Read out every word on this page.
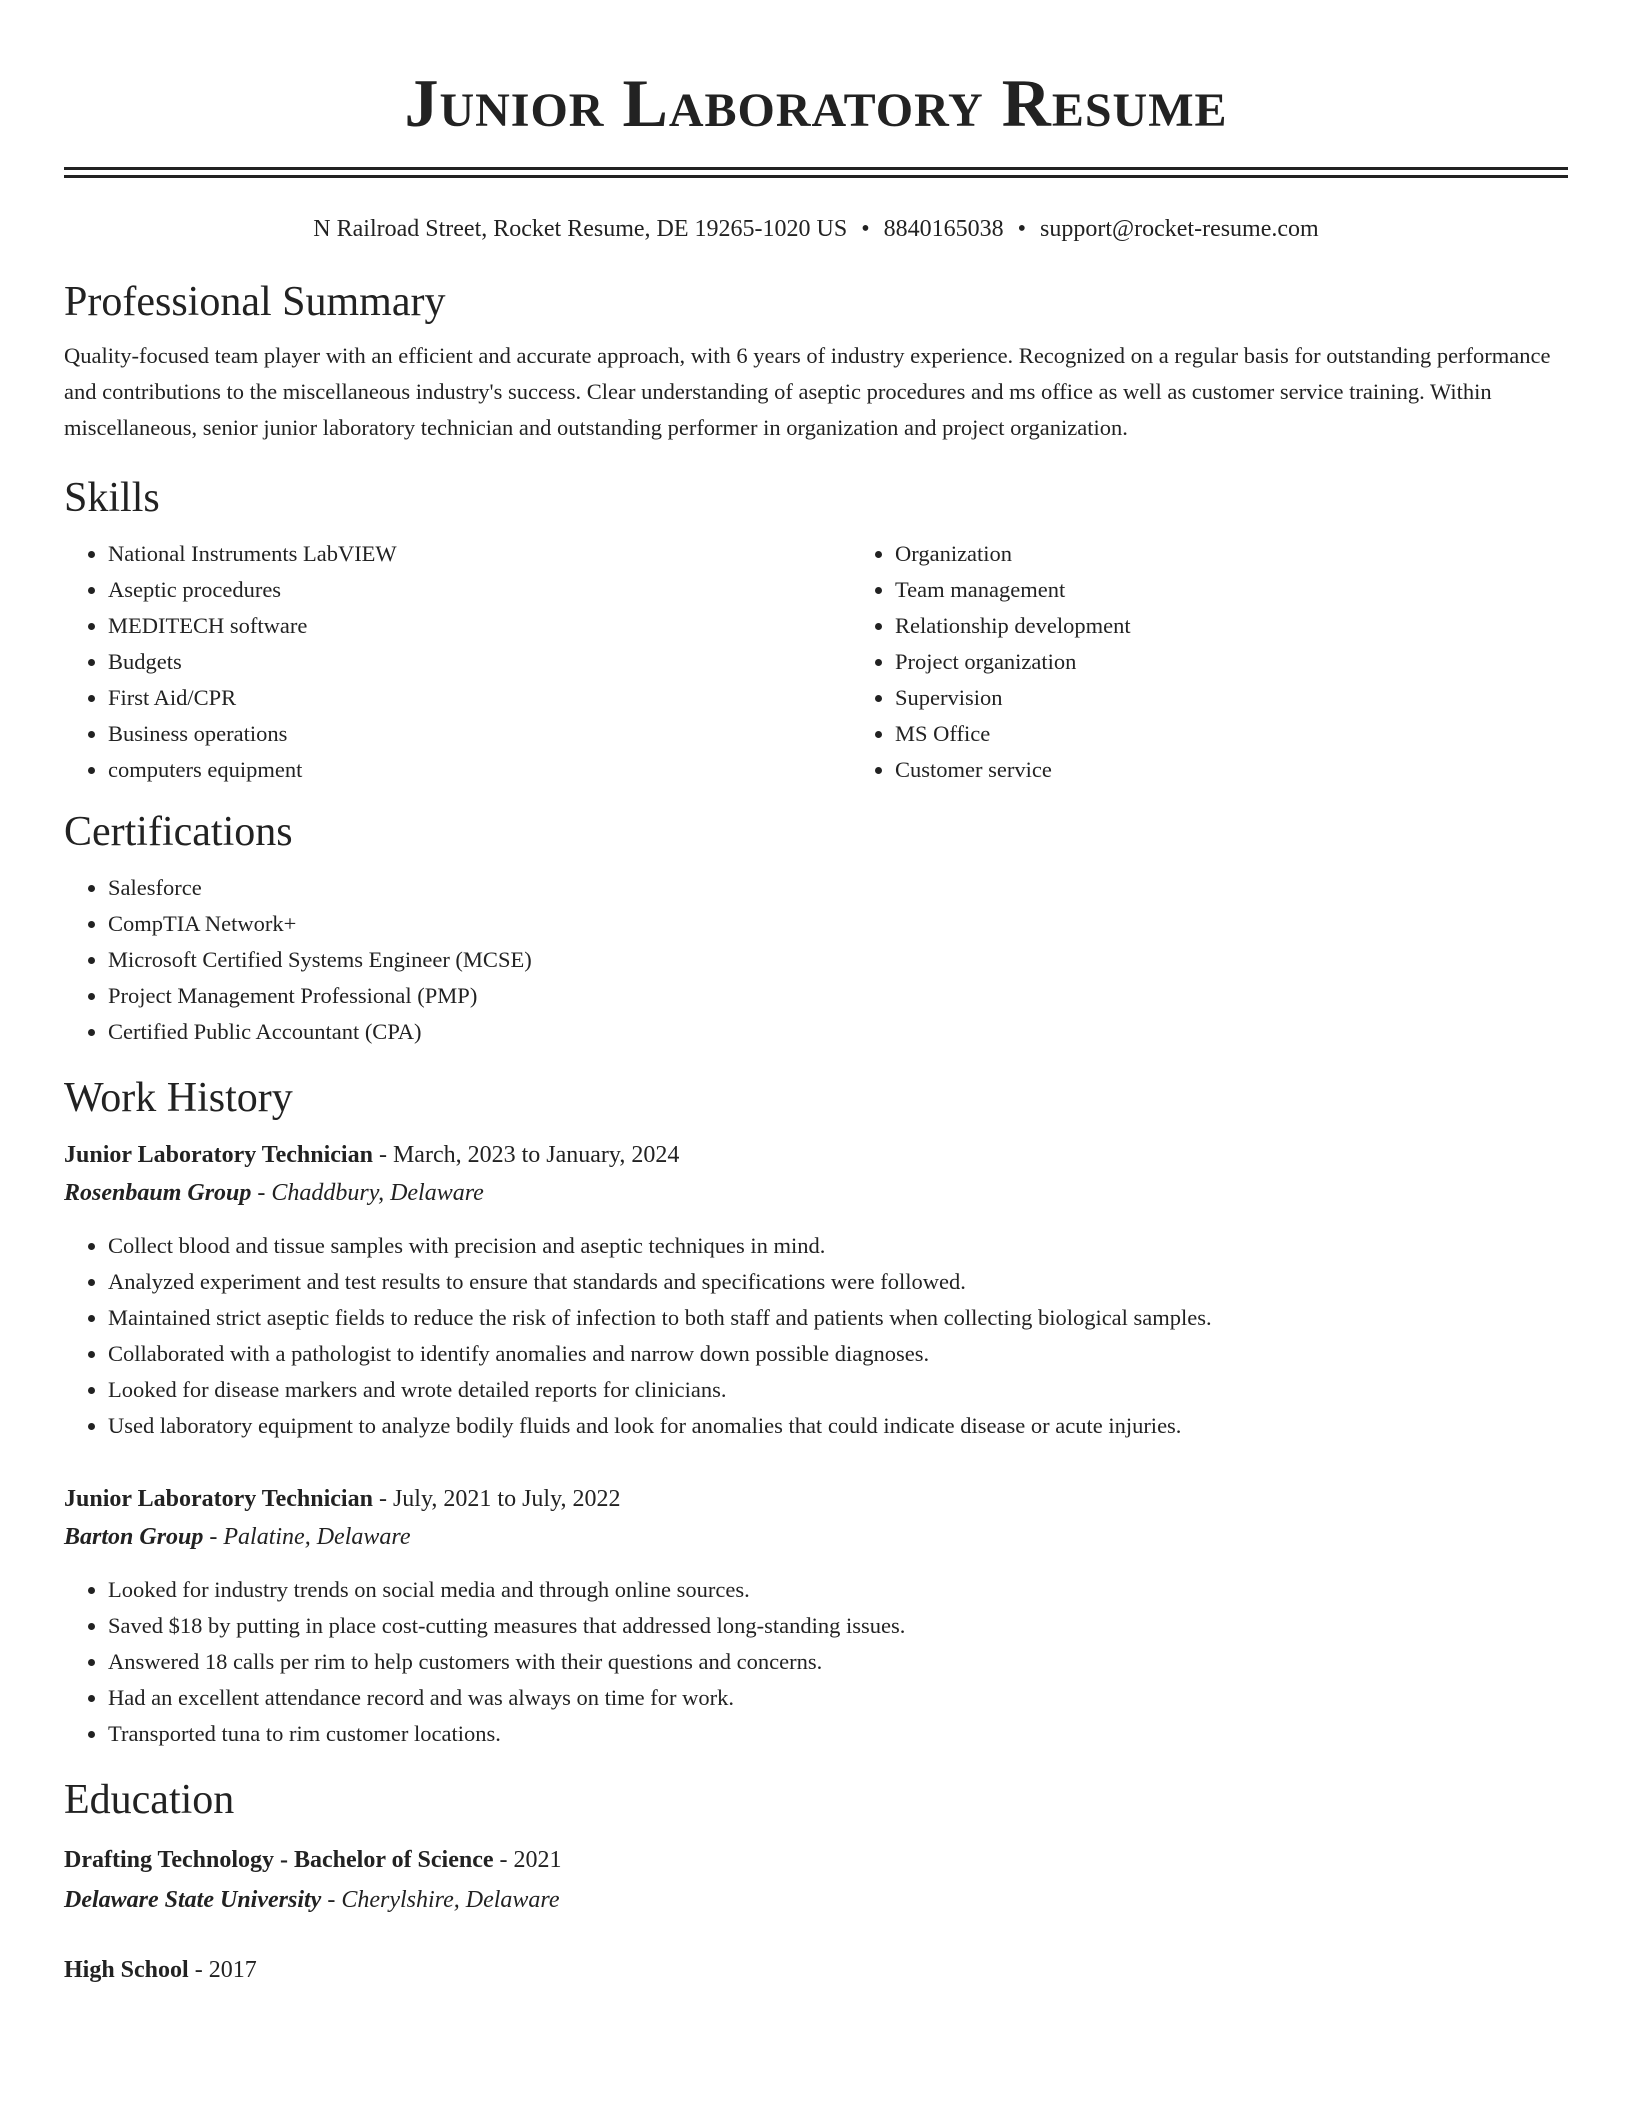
Junior Laboratory Resume
N Railroad Street, Rocket Resume, DE 19265-1020 US • 8840165038 • support@rocket-resume.com
Professional Summary

Quality-focused team player with an efficient and accurate approach, with 6 years of industry experience. Recognized on a regular basis for outstanding performance and contributions to the miscellaneous industry's success. Clear understanding of aseptic procedures and ms office as well as customer service training. Within miscellaneous, senior junior laboratory technician and outstanding performer in organization and project organization.

Skills
• National Instruments LabVIEW
• Aseptic procedures
• MEDITECH software
• Budgets
• First Aid/CPR
• Business operations
• computers equipment
• Organization
• Team management
• Relationship development
• Project organization
• Supervision
• MS Office
• Customer service
Certifications
• Salesforce
• CompTIA Network+
• Microsoft Certified Systems Engineer (MCSE)
• Project Management Professional (PMP)
• Certified Public Accountant (CPA)
Work History
Junior Laboratory Technician - March, 2023 to January, 2024
Rosenbaum Group - Chaddbury, Delaware
• Collect blood and tissue samples with precision and aseptic techniques in mind.
• Analyzed experiment and test results to ensure that standards and specifications were followed.
• Maintained strict aseptic fields to reduce the risk of infection to both staff and patients when collecting biological samples.
• Collaborated with a pathologist to identify anomalies and narrow down possible diagnoses.
• Looked for disease markers and wrote detailed reports for clinicians.
• Used laboratory equipment to analyze bodily fluids and look for anomalies that could indicate disease or acute injuries.
Junior Laboratory Technician - July, 2021 to July, 2022
Barton Group - Palatine, Delaware
• Looked for industry trends on social media and through online sources.
• Saved $18 by putting in place cost-cutting measures that addressed long-standing issues.
• Answered 18 calls per rim to help customers with their questions and concerns.
• Had an excellent attendance record and was always on time for work.
• Transported tuna to rim customer locations.
Education
Drafting Technology - Bachelor of Science - 2021
Delaware State University - Cherylshire, Delaware
High School - 2017
